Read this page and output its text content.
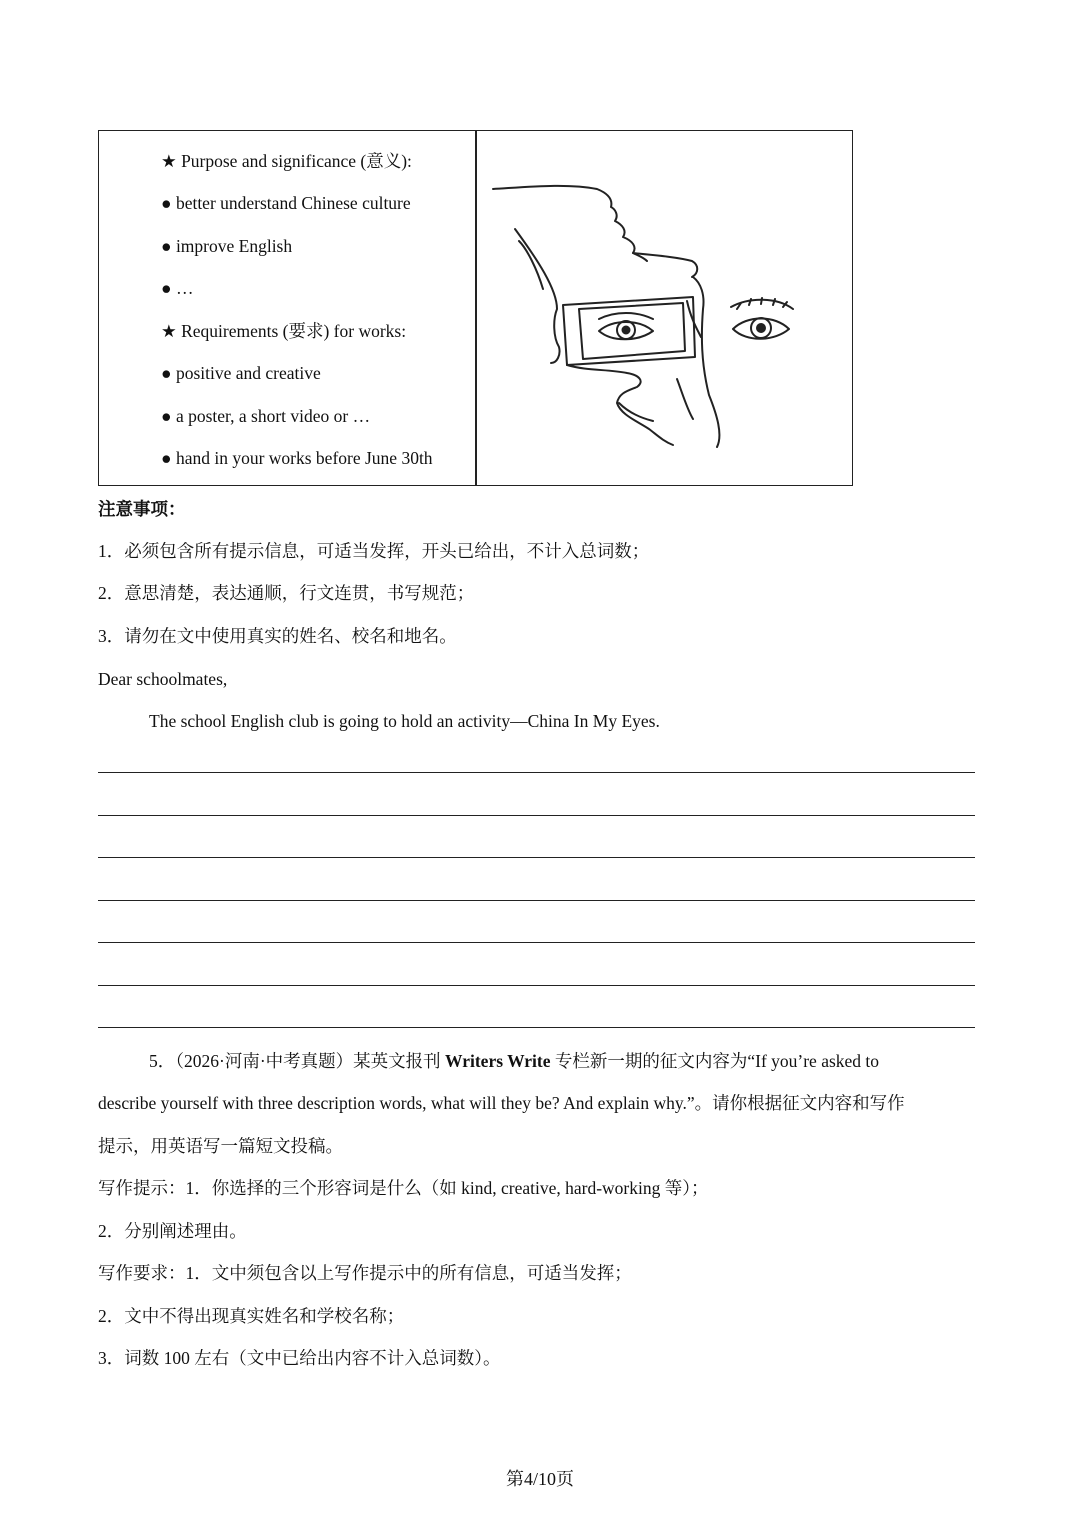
★ Purpose and significance (意义):
● better understand Chinese culture
● improve English
● …
★ Requirements (要求) for works:
● positive and creative
● a poster, a short video or …
● hand in your works before June 30th
注意事项：
1．必须包含所有提示信息，可适当发挥，开头已给出，不计入总词数；
2．意思清楚，表达通顺，行文连贯，书写规范；
3．请勿在文中使用真实的姓名、校名和地名。
Dear schoolmates,
The school English club is going to hold an activity—China In My Eyes.
5．（2026·河南·中考真题）某英文报刊 Writers Write 专栏新一期的征文内容为“If you’re asked to
describe yourself with three description words, what will they be? And explain why.”。请你根据征文内容和写作
提示，用英语写一篇短文投稿。
写作提示：1．你选择的三个形容词是什么（如 kind, creative, hard-working 等）；
2．分别阐述理由。
写作要求：1．文中须包含以上写作提示中的所有信息，可适当发挥；
2．文中不得出现真实姓名和学校名称；
3．词数 100 左右（文中已给出内容不计入总词数）。
第4/10页
